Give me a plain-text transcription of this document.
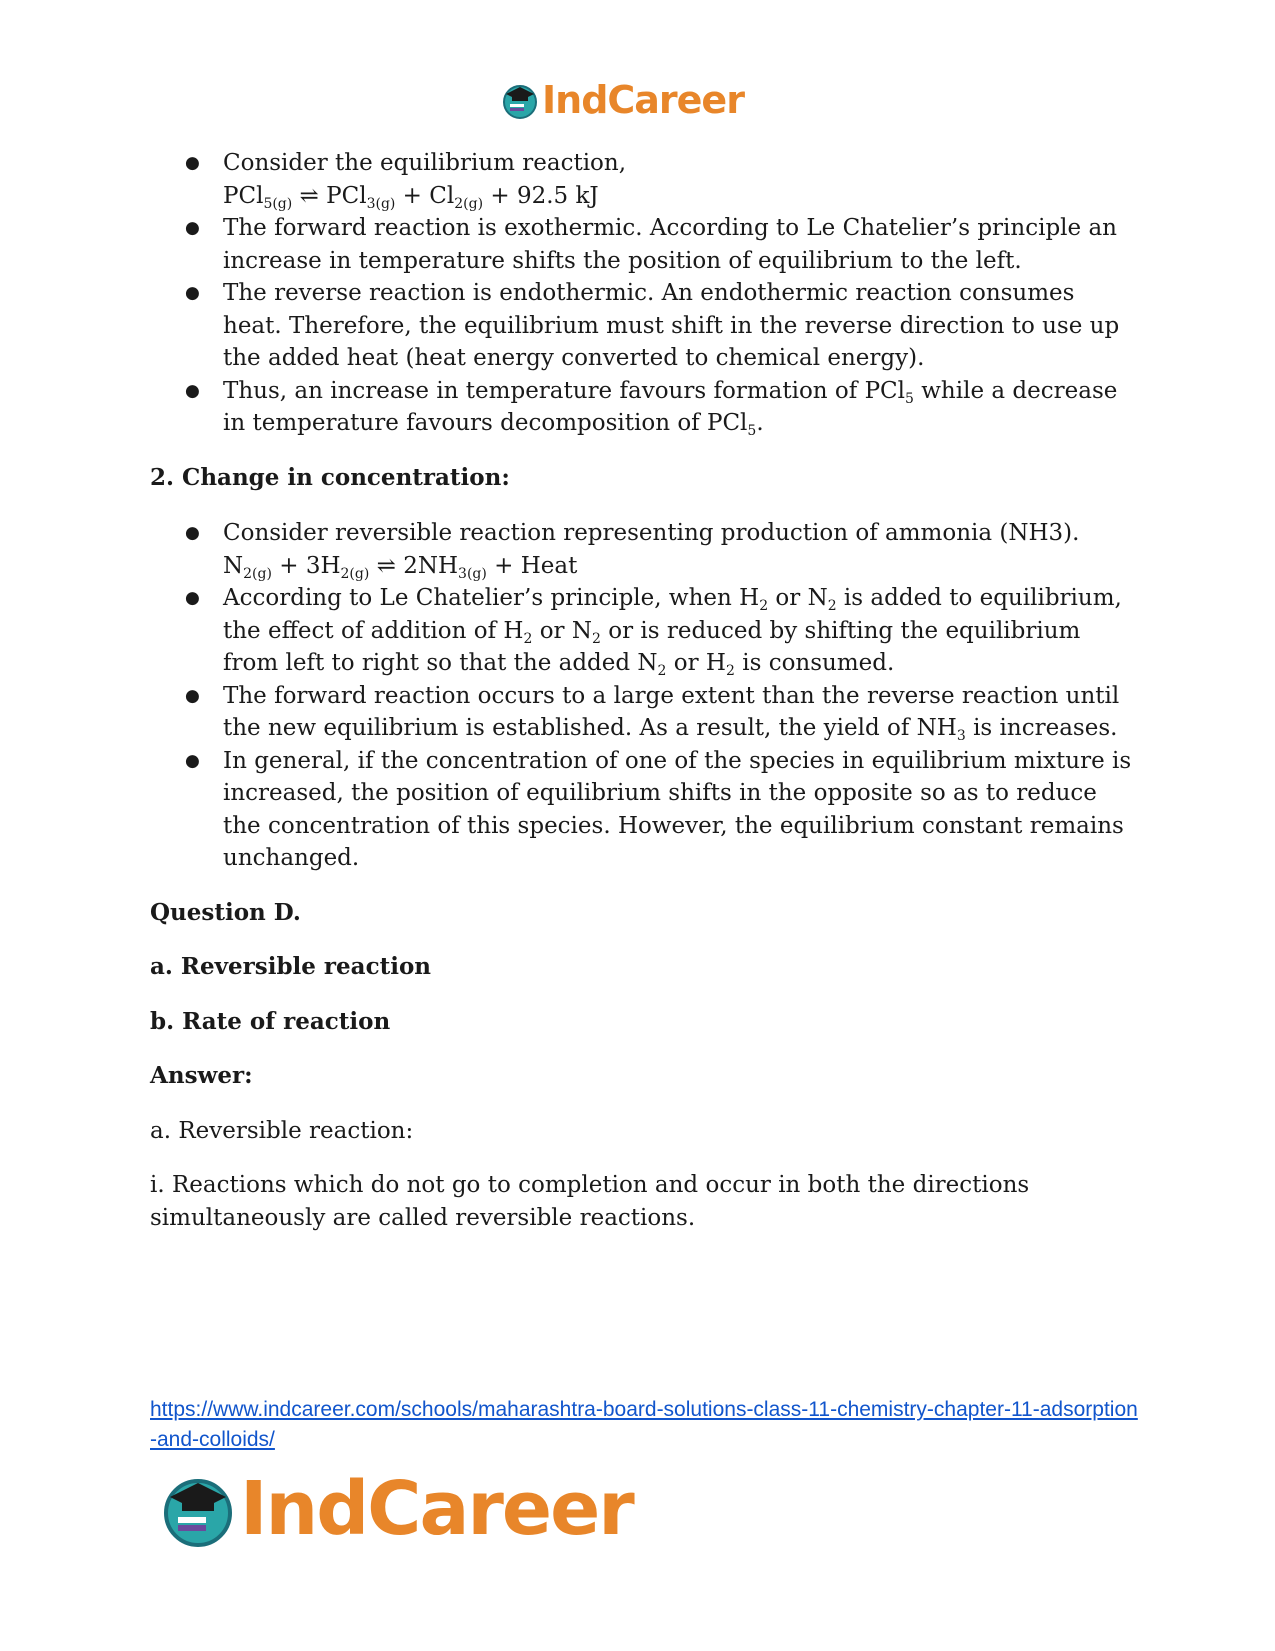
IndCareer
● Consider the equilibrium reaction,
PCl$_{5(g)}$ ⇌ $PCl_{3(g)} + Cl_{2(g)} + 92.5$ kJ
● The forward reaction is exothermic. According to Le Chatelier’s principle an increase in temperature shifts the position of equilibrium to the left.
● The reverse reaction is endothermic. An endothermic reaction consumes heat. Therefore, the equilibrium must shift in the reverse direction to use up the added heat (heat energy converted to chemical energy).
● Thus, an increase in temperature favours formation of PCl$_5$ while a decrease in temperature favours decomposition of PCl$_5$.

2. Change in concentration:

● Consider reversible reaction representing production of ammonia (NH3).
$N_{2(g)} + 3H_{2(g)}$ ⇌ $2NH_{3(g)}$ + Heat
● According to Le Chatelier’s principle, when $H_2$ or $N_2$ is added to equilibrium, the effect of addition of $H_2$ or $N_2$ or is reduced by shifting the equilibrium from left to right so that the added $N_2$ or $H_2$ is consumed.
● The forward reaction occurs to a large extent than the reverse reaction until the new equilibrium is established. As a result, the yield of $NH_3$ is increases.
● In general, if the concentration of one of the species in equilibrium mixture is increased, the position of equilibrium shifts in the opposite so as to reduce the concentration of this species. However, the equilibrium constant remains unchanged.

Question D.

a. Reversible reaction

b. Rate of reaction

Answer:

a. Reversible reaction:

i. Reactions which do not go to completion and occur in both the directions simultaneously are called reversible reactions.

https://www.indcareer.com/schools/maharashtra-board-solutions-class-11-chemistry-chapter-11-adsorption-and-colloids/
IndCareer
